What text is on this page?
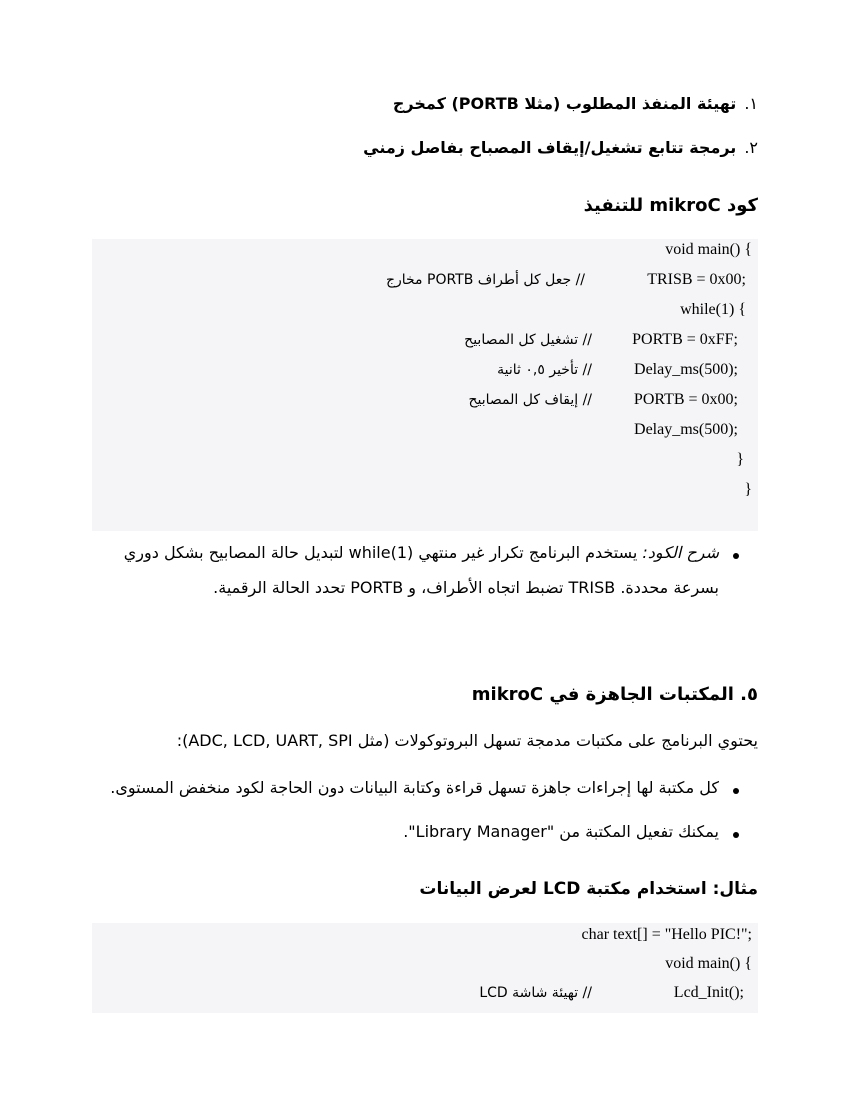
١.تهيئة المنفذ المطلوب (مثلا PORTB) كمخرج
٢.برمجة تتابع تشغيل/إيقاف المصباح بفاصل زمني
كود mikroC للتنفيذ
void main() {
TRISB = 0x00;
// جعل كل أطراف PORTB مخارج
while(1) {
PORTB = 0xFF;
// تشغيل كل المصابيح
Delay_ms(500);
// تأخير ٠,٥ ثانية
PORTB = 0x00;
// إيقاف كل المصابيح
Delay_ms(500);
}
}
شرح الكود: يستخدم البرنامج تكرار غير منتهي while(1) لتبديل حالة المصابيح بشكل دوري
بسرعة محددة. TRISB تضبط اتجاه الأطراف، و PORTB تحدد الحالة الرقمية.
٥. المكتبات الجاهزة في mikroC
يحتوي البرنامج على مكتبات مدمجة تسهل البروتوكولات (مثل ADC, LCD, UART, SPI):
كل مكتبة لها إجراءات جاهزة تسهل قراءة وكتابة البيانات دون الحاجة لكود منخفض المستوى.
يمكنك تفعيل المكتبة من "Library Manager".
مثال: استخدام مكتبة LCD لعرض البيانات
char text[] = "Hello PIC!";
void main() {
Lcd_Init();
// تهيئة شاشة LCD
